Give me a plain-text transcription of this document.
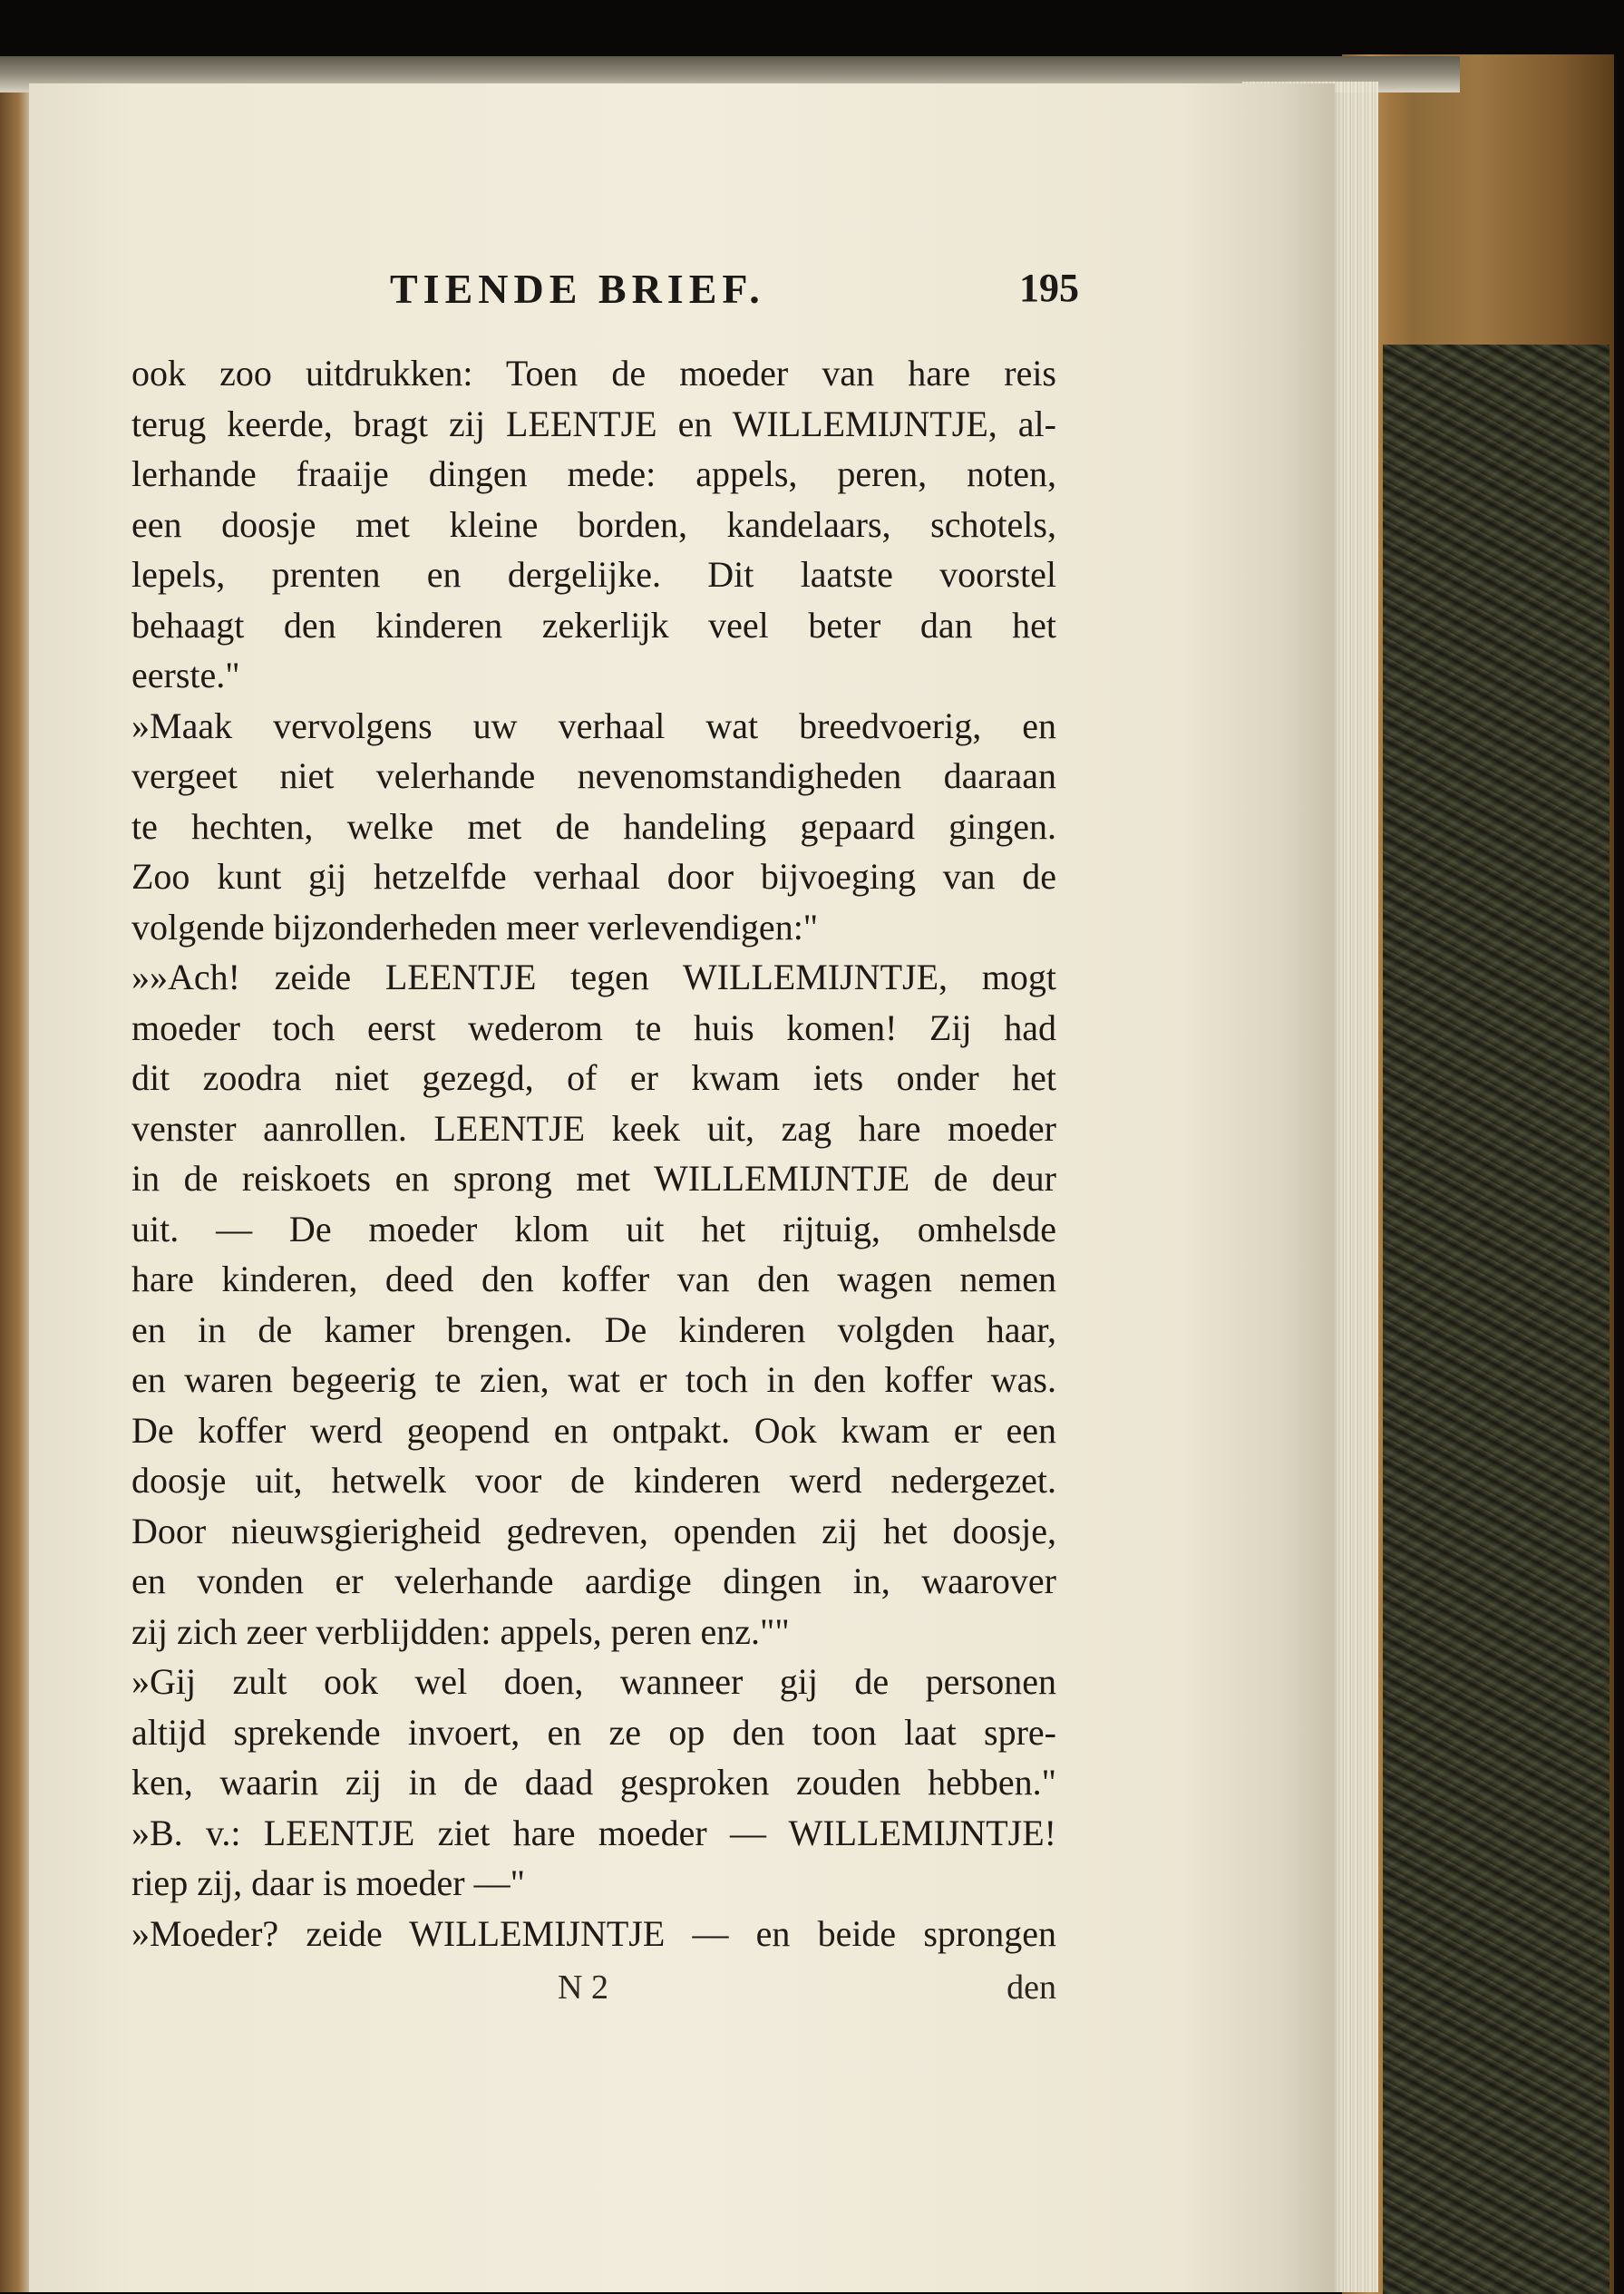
TIENDE BRIEF.	195
ook zoo uitdrukken: Toen de moeder van hare reis
terug keerde, bragt zij LEENTJE en WILLEMIJNTJE, al-
lerhande fraaije dingen mede: appels, peren, noten,
een doosje met kleine borden, kandelaars, schotels,
lepels, prenten en dergelijke. Dit laatste voorstel
behaagt den kinderen zekerlijk veel beter dan het
eerste."
»Maak vervolgens uw verhaal wat breedvoerig, en
vergeet niet velerhande nevenomstandigheden daaraan
te hechten, welke met de handeling gepaard gingen.
Zoo kunt gij hetzelfde verhaal door bijvoeging van de
volgende bijzonderheden meer verlevendigen:"
»»Ach! zeide LEENTJE tegen WILLEMIJNTJE, mogt
moeder toch eerst wederom te huis komen! Zij had
dit zoodra niet gezegd, of er kwam iets onder het
venster aanrollen. LEENTJE keek uit, zag hare moeder
in de reiskoets en sprong met WILLEMIJNTJE de deur
uit. — De moeder klom uit het rijtuig, omhelsde
hare kinderen, deed den koffer van den wagen nemen
en in de kamer brengen. De kinderen volgden haar,
en waren begeerig te zien, wat er toch in den koffer was.
De koffer werd geopend en ontpakt. Ook kwam er een
doosje uit, hetwelk voor de kinderen werd nedergezet.
Door nieuwsgierigheid gedreven, openden zij het doosje,
en vonden er velerhande aardige dingen in, waarover
zij zich zeer verblijdden: appels, peren enz.""
»Gij zult ook wel doen, wanneer gij de personen
altijd sprekende invoert, en ze op den toon laat spre-
ken, waarin zij in de daad gesproken zouden hebben."
»B. v.: LEENTJE ziet hare moeder — WILLEMIJNTJE!
riep zij, daar is moeder —"
»Moeder? zeide WILLEMIJNTJE — en beide sprongen
N 2	den
